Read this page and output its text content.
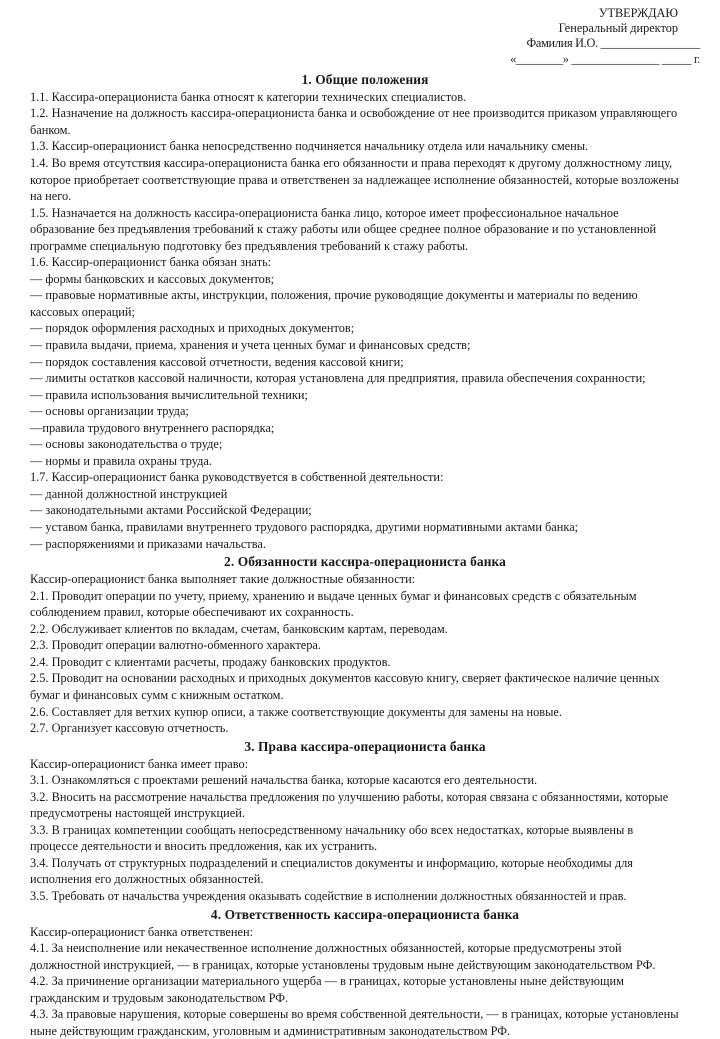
УТВЕРЖДАЮ
Генеральный директор
Фамилия И.О. _________________
«________» _______________ _____ г.
1. Общие положения

1.1. Кассира-операциониста банка относят к категории технических специалистов.

1.2. Назначение на должность кассира-операциониста банка и освобождение от нее производится приказом управляющего банком.

1.3. Кассир-операционист банка непосредственно подчиняется начальнику отдела или начальнику смены.

1.4. Во время отсутствия кассира-операциониста банка его обязанности и права переходят к другому должностному лицу, которое приобретает соответствующие права и ответственен за надлежащее исполнение обязанностей, которые возложены на него.

1.5. Назначается на должность кассира-операциониста банка лицо, которое имеет профессиональное начальное образование без предъявления требований к стажу работы или общее среднее полное образование и по установленной программе специальную подготовку без предъявления требований к стажу работы.

1.6. Кассир-операционист банка обязан знать:

— формы банковских и кассовых документов;

— правовые нормативные акты, инструкции, положения, прочие руководящие документы и материалы по ведению кассовых операций;

— порядок оформления расходных и приходных документов;

— правила выдачи, приема, хранения и учета ценных бумаг и финансовых средств;

— порядок составления кассовой отчетности, ведения кассовой книги;

— лимиты остатков кассовой наличности, которая установлена для предприятия, правила обеспечения сохранности;

— правила использования вычислительной техники;

— основы организации труда;

—правила трудового внутреннего распорядка;

— основы законодательства о труде;

— нормы и правила охраны труда.

1.7. Кассир-операционист банка руководствуется в собственной деятельности:

— данной должностной инструкцией

— законодательными актами Российской Федерации;

— уставом банка, правилами внутреннего трудового распорядка, другими нормативными актами банка;

— распоряжениями и приказами начальства.

2. Обязанности кассира-операциониста банка

Кассир-операционист банка выполняет такие должностные обязанности:

2.1. Проводит операции по учету, приему, хранению и выдаче ценных бумаг и финансовых средств с обязательным соблюдением правил, которые обеспечивают их сохранность.

2.2. Обслуживает клиентов по вкладам, счетам, банковским картам, переводам.

2.3. Проводит операции валютно-обменного характера.

2.4. Проводит с клиентами расчеты, продажу банковских продуктов.

2.5. Проводит на основании расходных и приходных документов кассовую книгу, сверяет фактическое наличие ценных бумаг и финансовых сумм с книжным остатком.

2.6. Составляет для ветхих купюр описи, а также соответствующие документы для замены на новые.

2.7. Организует кассовую отчетность.

3. Права кассира-операциониста банка

Кассир-операционист банка имеет право:

3.1. Ознакомляться с проектами решений начальства банка, которые касаются его деятельности.

3.2. Вносить на рассмотрение начальства предложения по улучшению работы, которая связана с обязанностями, которые предусмотрены настоящей инструкцией.

3.3. В границах компетенции сообщать непосредственному начальнику обо всех недостатках, которые выявлены в процессе деятельности и вносить предложения, как их устранить.

3.4. Получать от структурных подразделений и специалистов документы и информацию, которые необходимы для исполнения его должностных обязанностей.

3.5. Требовать от начальства учреждения оказывать содействие в исполнении должностных обязанностей и прав.

4. Ответственность кассира-операциониста банка

Кассир-операционист банка ответственен:

4.1. За неисполнение или некачественное исполнение должностных обязанностей, которые предусмотрены этой должностной инструкцией, — в границах, которые установлены трудовым ныне действующим законодательством РФ.

4.2. За причинение организации материального ущерба — в границах, которые установлены ныне действующим гражданским и трудовым законодательством РФ.

4.3. За правовые нарушения, которые совершены во время собственной деятельности, — в границах, которые установлены ныне действующим гражданским, уголовным и административным законодательством РФ.
